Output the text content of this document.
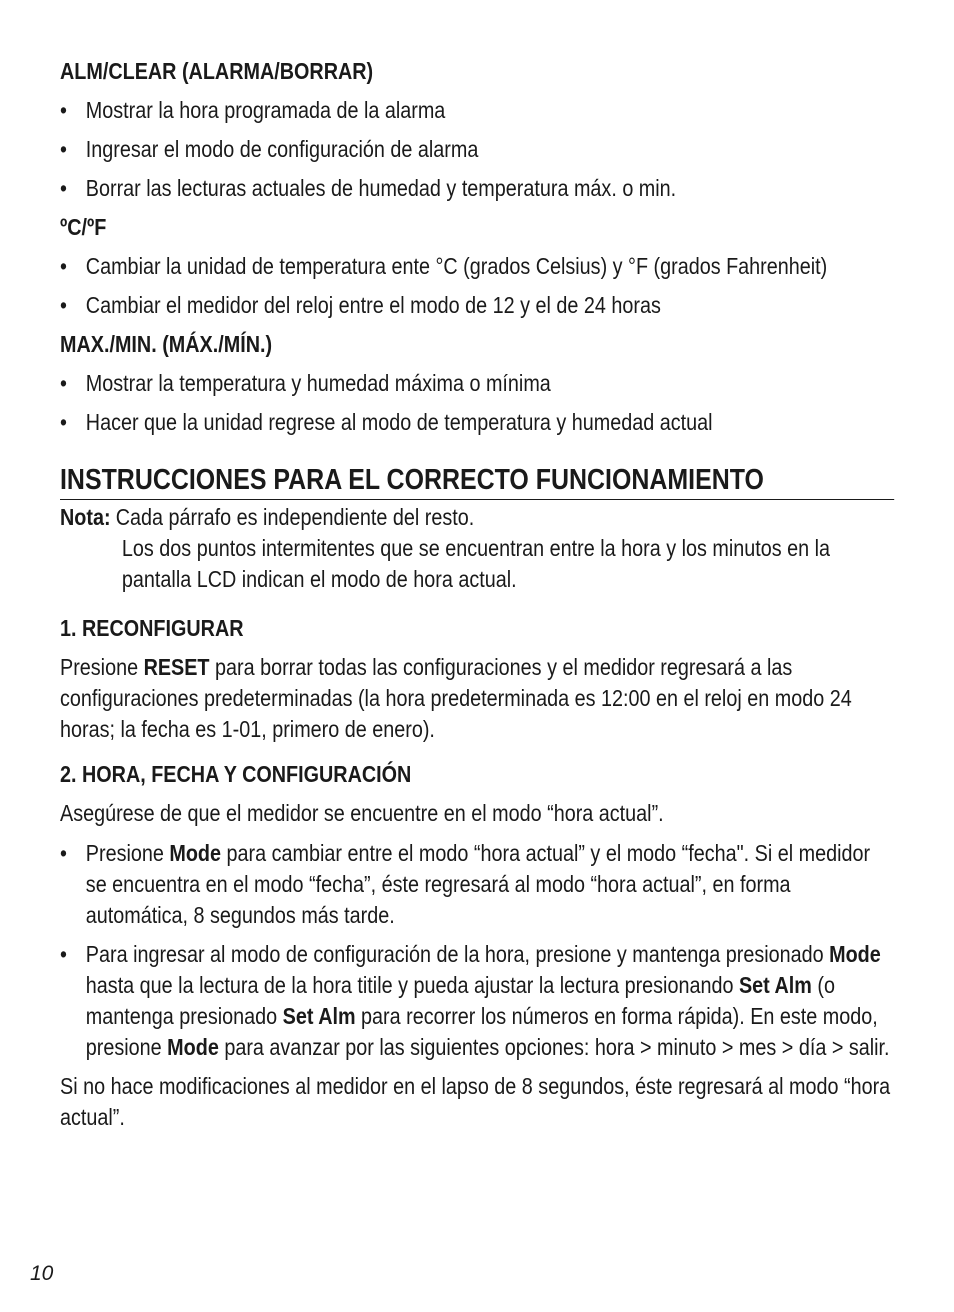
ALM/CLEAR (ALARMA/BORRAR)
• Mostrar la hora programada de la alarma
• Ingresar el modo de configuración de alarma
• Borrar las lecturas actuales de humedad y temperatura máx. o min.
ºC/ºF
• Cambiar la unidad de temperatura ente °C (grados Celsius) y °F (grados Fahrenheit)
• Cambiar el medidor del reloj entre el modo de 12 y el de 24 horas
MAX./MIN. (MÁX./MÍN.)
• Mostrar la temperatura y humedad máxima o mínima
• Hacer que la unidad regrese al modo de temperatura y humedad actual
INSTRUCCIONES PARA EL CORRECTO FUNCIONAMIENTO
Nota: Cada párrafo es independiente del resto.
Los dos puntos intermitentes que se encuentran entre la hora y los minutos en la pantalla LCD indican el modo de hora actual.
1. RECONFIGURAR

Presione RESET para borrar todas las configuraciones y el medidor regresará a las configuraciones predeterminadas (la hora predeterminada es 12:00 en el reloj en modo 24 horas; la fecha es 1-01, primero de enero).

2. HORA, FECHA Y CONFIGURACIÓN

Asegúrese de que el medidor se encuentre en el modo “hora actual”.

• Presione Mode para cambiar entre el modo “hora actual” y el modo “fecha". Si el medidor se encuentra en el modo “fecha”, éste regresará al modo “hora actual”, en forma automática, 8 segundos más tarde.
• Para ingresar al modo de configuración de la hora, presione y mantenga presionado Mode hasta que la lectura de la hora titile y pueda ajustar la lectura presionando Set Alm (o mantenga presionado Set Alm para recorrer los números en forma rápida). En este modo, presione Mode para avanzar por las siguientes opciones: hora > minuto > mes > día > salir.

Si no hace modificaciones al medidor en el lapso de 8 segundos, éste regresará al modo “hora actual”.

10
